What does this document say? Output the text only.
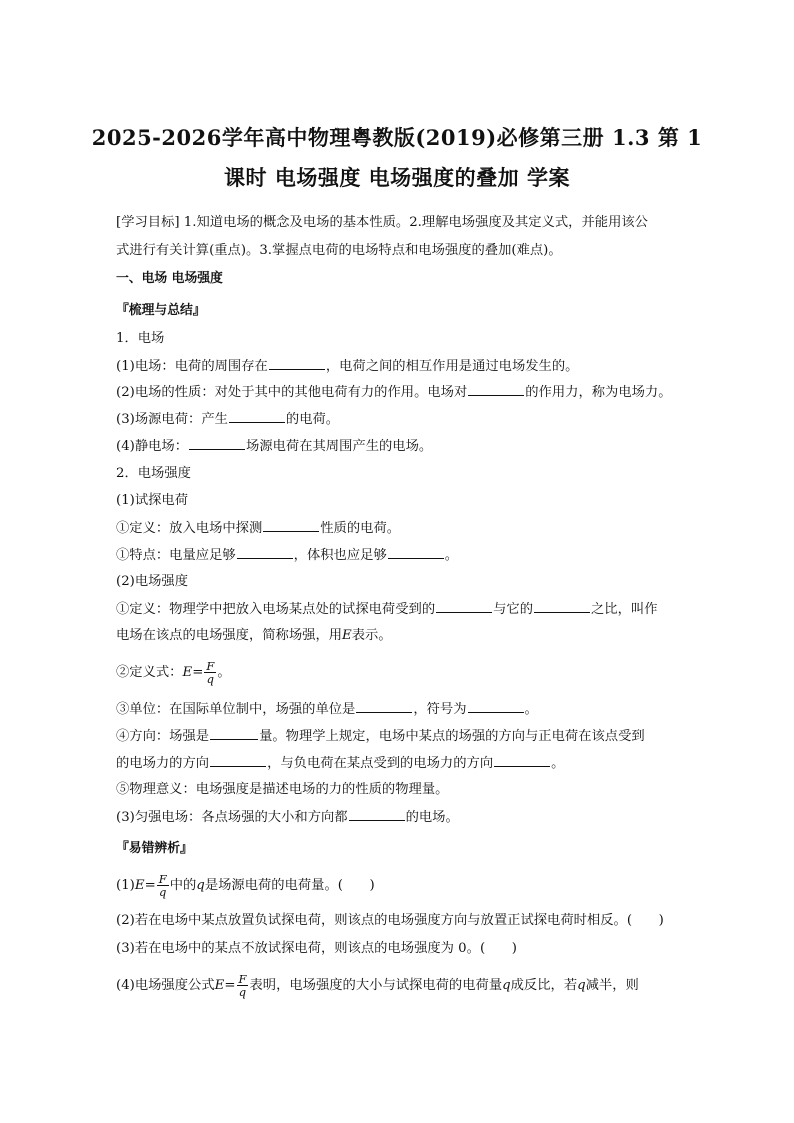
2025-2026学年高中物理粤教版(2019)必修第三册 1.3 第 1
课时 电场强度 电场强度的叠加 学案
[学习目标] 1.知道电场的概念及电场的基本性质。2.理解电场强度及其定义式，并能用该公
式进行有关计算(重点)。3.掌握点电荷的电场特点和电场强度的叠加(难点)。
一、电场 电场强度
『梳理与总结』
1．电场
(1)电场：电荷的周围存在	，电荷之间的相互作用是通过电场发生的。
(2)电场的性质：对处于其中的其他电荷有力的作用。电场对	的作用力，称为电场力。
(3)场源电荷：产生	的电荷。
(4)静电场：	场源电荷在其周围产生的电场。
2．电场强度
(1)试探电荷
①定义：放入电场中探测	性质的电荷。
①特点：电量应足够	，体积也应足够	。
(2)电场强度
①定义：物理学中把放入电场某点处的试探电荷受到的	与它的	之比，叫作
电场在该点的电场强度，简称场强，用E表示。
②定义式：$E= \frac{F}{q}$ 。
③单位：在国际单位制中，场强的单位是	，符号为	。
④方向：场强是	量。物理学上规定，电场中某点的场强的方向与正电荷在该点受到
的电场力的方向	，与负电荷在某点受到的电场力的方向	。
⑤物理意义：电场强度是描述电场的力的性质的物理量。
(3)匀强电场：各点场强的大小和方向都	的电场。
『易错辨析』
$(1)E= \frac{F}{q}$ 中的q是场源电荷的电荷量。(　　)
(2)若在电场中某点放置负试探电荷，则该点的电场强度方向与放置正试探电荷时相反。(　　)
(3)若在电场中的某点不放试探电荷，则该点的电场强度为 0。(　　)
(4)电场强度公式$E= \frac{F}{q}$ 表明，电场强度的大小与试探电荷的电荷量q成反比，若q减半，则
